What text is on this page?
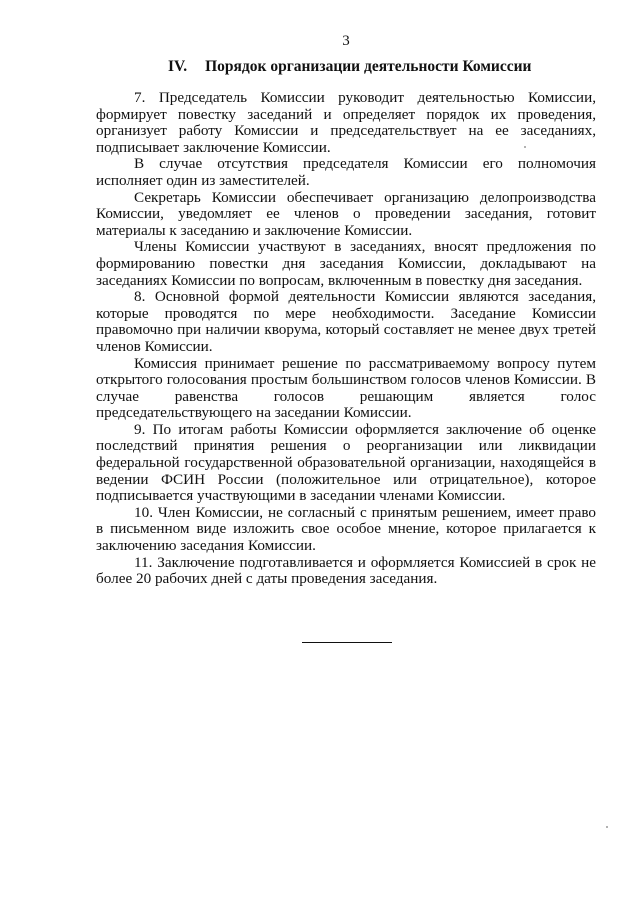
3
IV. Порядок организации деятельности Комиссии

7. Председатель Комиссии руководит деятельностью Комиссии, формирует повестку заседаний и определяет порядок их проведения, организует работу Комиссии и председательствует на ее заседаниях, подписывает заключение Комиссии.

В случае отсутствия председателя Комиссии его полномочия исполняет один из заместителей.

Секретарь Комиссии обеспечивает организацию делопроизводства Комиссии, уведомляет ее членов о проведении заседания, готовит материалы к заседанию и заключение Комиссии.

Члены Комиссии участвуют в заседаниях, вносят предложения по формированию повестки дня заседания Комиссии, докладывают на заседаниях Комиссии по вопросам, включенным в повестку дня заседания.

8. Основной формой деятельности Комиссии являются заседания, которые проводятся по мере необходимости. Заседание Комиссии правомочно при наличии кворума, который составляет не менее двух третей членов Комиссии.

Комиссия принимает решение по рассматриваемому вопросу путем открытого голосования простым большинством голосов членов Комиссии. В случае равенства голосов решающим является голос председательствующего на заседании Комиссии.

9. По итогам работы Комиссии оформляется заключение об оценке последствий принятия решения о реорганизации или ликвидации федеральной государственной образовательной организации, находящейся в ведении ФСИН России (положительное или отрицательное), которое подписывается участвующими в заседании членами Комиссии.

10. Член Комиссии, не согласный с принятым решением, имеет право в письменном виде изложить свое особое мнение, которое прилагается к заключению заседания Комиссии.

11. Заключение подготавливается и оформляется Комиссией в срок не более 20 рабочих дней с даты проведения заседания.
